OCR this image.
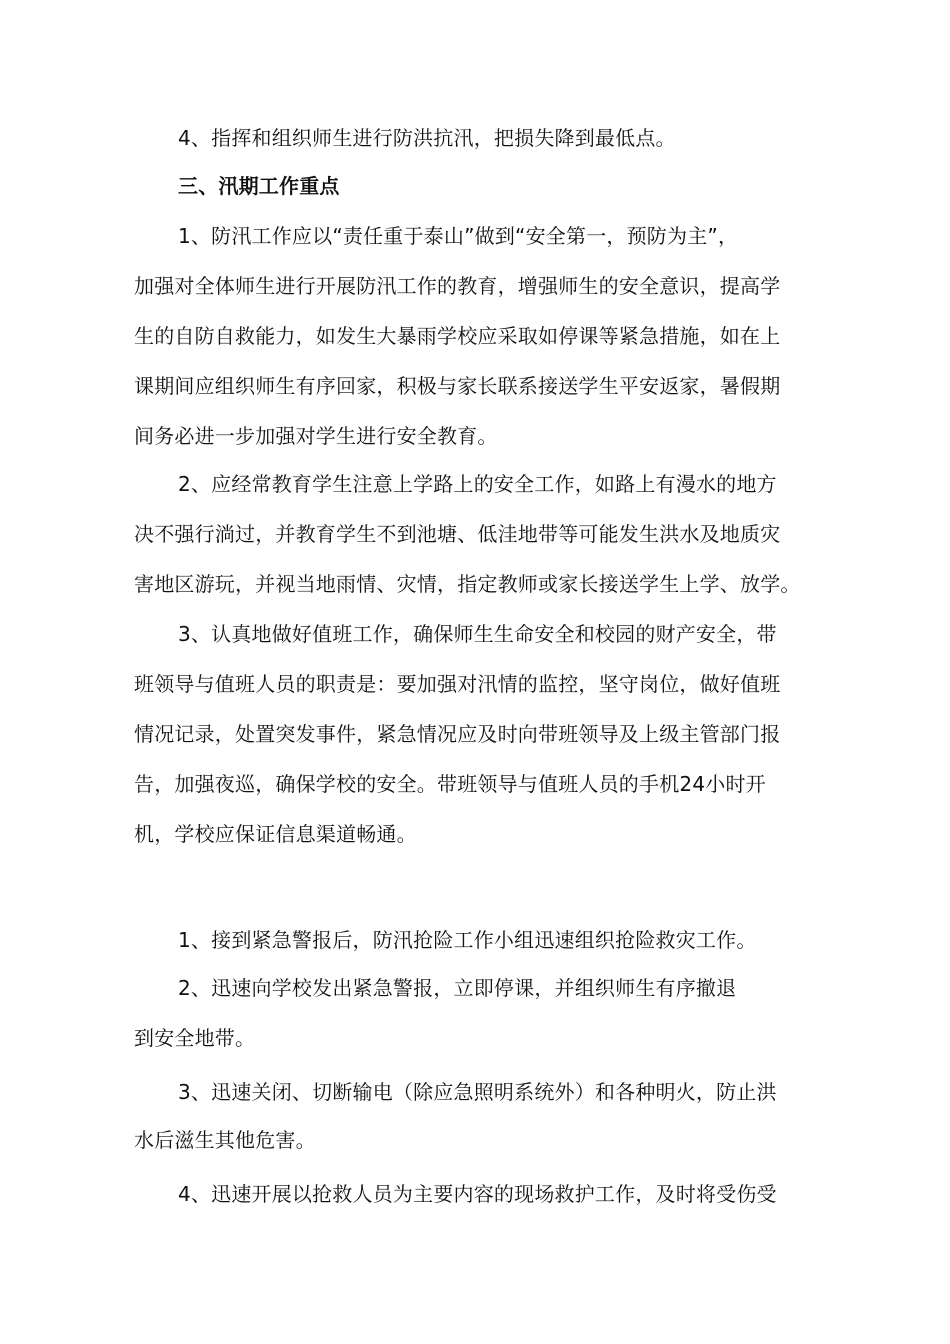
4、指挥和组织师生进行防洪抗汛，把损失降到最低点。
三、汛期工作重点
1、防汛工作应以“责任重于泰山”做到“安全第一，预防为主”，
加强对全体师生进行开展防汛工作的教育，增强师生的安全意识，提高学
生的自防自救能力，如发生大暴雨学校应采取如停课等紧急措施，如在上
课期间应组织师生有序回家，积极与家长联系接送学生平安返家，暑假期
间务必进一步加强对学生进行安全教育。
2、应经常教育学生注意上学路上的安全工作，如路上有漫水的地方
决不强行淌过，并教育学生不到池塘、低洼地带等可能发生洪水及地质灾
害地区游玩，并视当地雨情、灾情，指定教师或家长接送学生上学、放学。
3、认真地做好值班工作，确保师生生命安全和校园的财产安全，带
班领导与值班人员的职责是：要加强对汛情的监控，坚守岗位，做好值班
情况记录，处置突发事件，紧急情况应及时向带班领导及上级主管部门报
告，加强夜巡，确保学校的安全。带班领导与值班人员的手机24小时开
机，学校应保证信息渠道畅通。
1、接到紧急警报后，防汛抢险工作小组迅速组织抢险救灾工作。
2、迅速向学校发出紧急警报，立即停课，并组织师生有序撤退
到安全地带。
3、迅速关闭、切断输电（除应急照明系统外）和各种明火，防止洪
水后滋生其他危害。
4、迅速开展以抢救人员为主要内容的现场救护工作，及时将受伤受
